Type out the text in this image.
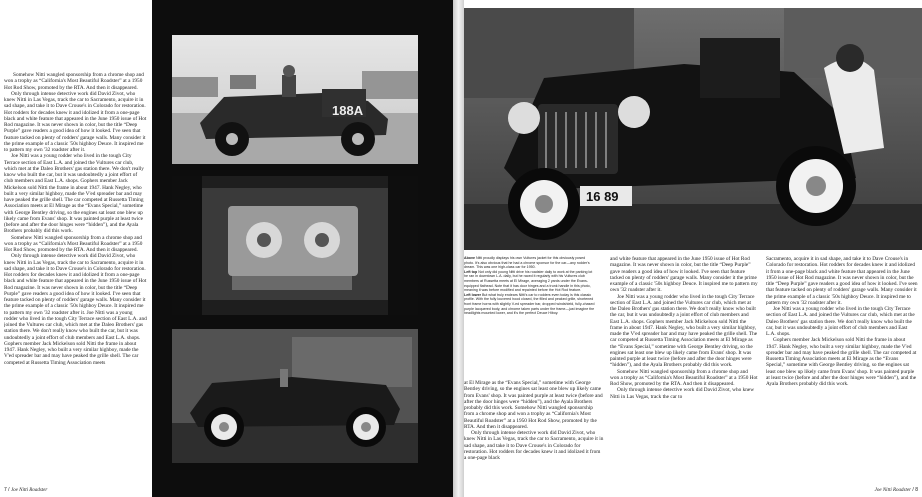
Somehow Nitti wangled sponsorship from a chrome shop and won a trophy as “California's Most Beautiful Roadster” at a 1950 Hot Rod Show, promoted by the RTA. And then it disappeared.

Only through intense detective work did David Zivot, who knew Nitti in Las Vegas, track the car to Sacramento, acquire it in sad shape, and take it to Dave Crouse's in Colorado for restoration. Hot rodders for decades knew it and idolized it from a one-page black and white feature that appeared in the June 1950 issue of Hot Rod magazine. It was never shown in color, but the title “Deep Purple” gave readers a good idea of how it looked. I've seen that feature tacked on plenty of rodders' garage walls. Many consider it the prime example of a classic '50s highboy Deuce. It inspired me to pattern my own '32 roadster after it.

Joe Nitti was a young rodder who lived in the tough City Terrace section of East L.A. and joined the Vultures car club, which met at the Daleo Brothers' gas station there. We don't really know who built the car, but it was undoubtedly a joint effort of club members and East L.A. shops. Gophers member Jack Mickelson sold Nitti the frame in about 1947. Hank Negley, who built a very similar highboy, made the V'ed spreader bar and may have peaked the grille shell. The car competed at Russetta Timing Association meets at El Mirage as the “Evans Special,” sometime with George Bentley driving, so the engines sat least one blew up likely came from Evans' shop. It was painted purple at least twice (before and after the door hinges were “hidden”), and the Ayala Brothers probably did this work.

Somehow Nitti wangled sponsorship from a chrome shop and won a trophy as “California's Most Beautiful Roadster” at a 1950 Hot Rod Show, promoted by the RTA. And then it disappeared.

Only through intense detective work did David Zivot, who knew Nitti in Las Vegas, track the car to Sacramento, acquire it in sad shape, and take it to Dave Crouse's in Colorado for restoration. Hot rodders for decades knew it and idolized it from a one-page black and white feature that appeared in the June 1950 issue of Hot Rod magazine. It was never shown in color, but the title “Deep Purple” gave readers a good idea of how it looked. I've seen that feature tacked on plenty of rodders' garage walls. Many consider it the prime example of a classic '50s highboy Deuce. It inspired me to pattern my own '32 roadster after it. Joe Nitti was a young rodder who lived in the tough City Terrace section of East L.A. and joined the Vultures car club, which met at the Daleo Brothers' gas station there. We don't really know who built the car, but it was undoubtedly a joint effort of club members and East L.A. shops. Gophers member Jack Mickelson sold Nitti the frame in about 1947. Hank Negley, who built a very similar highboy, made the V'ed spreader bar and may have peaked the grille shell. The car competed at Russetta Timing Association meets

188A
7 / Joe Nitti Roadster
16 89
Above Nitti proudly displays his own Vultures jacket for this obviously posed photo. It's also obvious that he had a chrome sponsor for the car—any rodder's dream. This was one high-class car for 1950.
Left top Not only did young Nitti drive his roadster daily to work at the parking lot he ran in downtown L.A. daily, but he raced it regularly with his Vultures club members at Russetta meets at El Mirage, averaging 2 yards under the Evans-equipped flathead. Note that it has door hinges and a trunk handle in this photo, meaning it was before modified and repainted before the Hot Rod feature.
Left lower But what truly endears Nitti's car to rodders even today is this classic profile. With the fully louvered hood closed, the filled and peaked grille, shortened front frame horns with slightly V-ed spreader bar, dropped windshield, fully-chased purple lacquered body, and chrome taken parts under the frame—just imagine the headlights mounted lower, and it's the perfect Deuce Hiboy.

at El Mirage as the “Evans Special,” sometime with George Bentley driving, so the engines sat least one blew up likely came from Evans' shop. It was painted purple at least twice (before and after the door hinges were “hidden”), and the Ayala Brothers probably did this work. Somehow Nitti wangled sponsorship from a chrome shop and won a trophy as “California's Most Beautiful Roadster” at a 1950 Hot Rod Show, promoted by the RTA. And then it disappeared.

Only through intense detective work did David Zivot, who knew Nitti in Las Vegas, track the car to Sacramento, acquire it in sad shape, and take it to Dave Crouse's in Colorado for restoration. Hot rodders for decades knew it and idolized it from a one-page black

and white feature that appeared in the June 1950 issue of Hot Rod magazine. It was never shown in color, but the title “Deep Purple” gave readers a good idea of how it looked. I've seen that feature tacked on plenty of rodders' garage walls. Many consider it the prime example of a classic '50s highboy Deuce. It inspired me to pattern my own '32 roadster after it.

Joe Nitti was a young rodder who lived in the tough City Terrace section of East L.A. and joined the Vultures car club, which met at the Daleo Brothers' gas station there. We don't really know who built the car, but it was undoubtedly a joint effort of club members and East L.A. shops. Gophers member Jack Mickelson sold Nitti the frame in about 1947. Hank Negley, who built a very similar highboy, made the V'ed spreader bar and may have peaked the grille shell. The car competed at Russetta Timing Association meets at El Mirage as the “Evans Special,” sometime with George Bentley driving, so the engines sat least one blew up likely came from Evans' shop. It was painted purple at least twice (before and after the door hinges were “hidden”), and the Ayala Brothers probably did this work.

Somehow Nitti wangled sponsorship from a chrome shop and won a trophy as “California's Most Beautiful Roadster” at a 1950 Hot Rod Show, promoted by the RTA. And then it disappeared.

Only through intense detective work did David Zivot, who knew Nitti in Las Vegas, track the car to

Sacramento, acquire it in sad shape, and take it to Dave Crouse's in Colorado for restoration. Hot rodders for decades knew it and idolized it from a one-page black and white feature that appeared in the June 1950 issue of Hot Rod magazine. It was never shown in color, but the title “Deep Purple” gave readers a good idea of how it looked. I've seen that feature tacked on plenty of rodders' garage walls. Many consider it the prime example of a classic '50s highboy Deuce. It inspired me to pattern my own '32 roadster after it.

Joe Nitti was a young rodder who lived in the tough City Terrace section of East L.A. and joined the Vultures car club, which met at the Daleo Brothers' gas station there. We don't really know who built the car, but it was undoubtedly a joint effort of club members and East L.A. shops.

Gophers member Jack Mickelson sold Nitti the frame in about 1947. Hank Negley, who built a very similar highboy, made the V'ed spreader bar and may have peaked the grille shell. The car competed at Russetta Timing Association meets at El Mirage as the “Evans Special,” sometime with George Bentley driving, so the engines sat least one blew up likely came from Evans' shop. It was painted purple at least twice (before and after the door hinges were “hidden”), and the Ayala Brothers probably did this work.

Joe Nitti Roadster / 8
